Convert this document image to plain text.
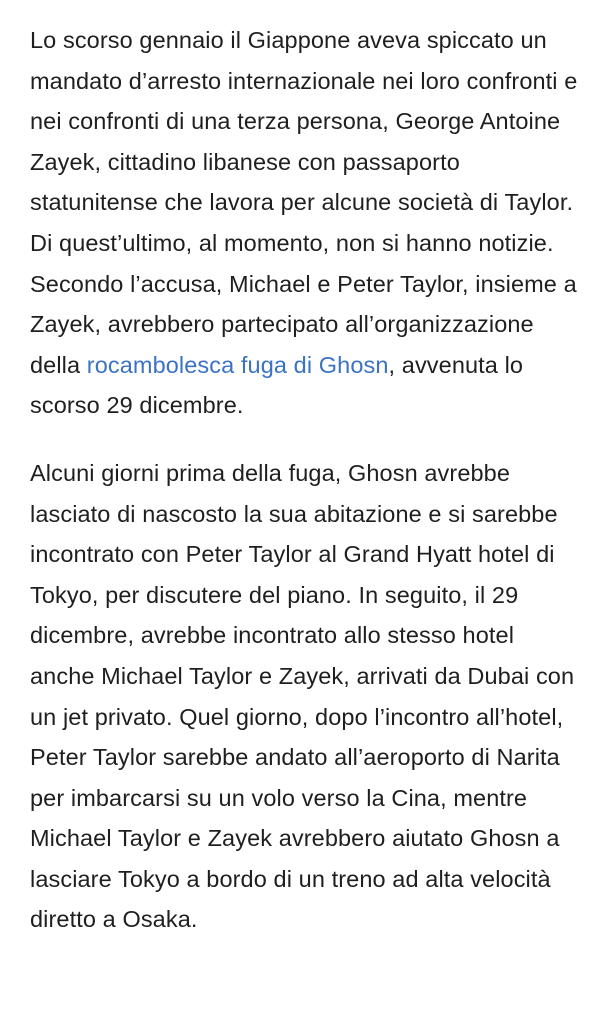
Lo scorso gennaio il Giappone aveva spiccato un mandato d’arresto internazionale nei loro confronti e nei confronti di una terza persona, George Antoine Zayek, cittadino libanese con passaporto statunitense che lavora per alcune società di Taylor. Di quest’ultimo, al momento, non si hanno notizie. Secondo l’accusa, Michael e Peter Taylor, insieme a Zayek, avrebbero partecipato all’organizzazione della rocambolesca fuga di Ghosn, avvenuta lo scorso 29 dicembre.

Alcuni giorni prima della fuga, Ghosn avrebbe lasciato di nascosto la sua abitazione e si sarebbe incontrato con Peter Taylor al Grand Hyatt hotel di Tokyo, per discutere del piano. In seguito, il 29 dicembre, avrebbe incontrato allo stesso hotel anche Michael Taylor e Zayek, arrivati da Dubai con un jet privato. Quel giorno, dopo l’incontro all’hotel, Peter Taylor sarebbe andato all’aeroporto di Narita per imbarcarsi su un volo verso la Cina, mentre Michael Taylor e Zayek avrebbero aiutato Ghosn a lasciare Tokyo a bordo di un treno ad alta velocità diretto a Osaka.
